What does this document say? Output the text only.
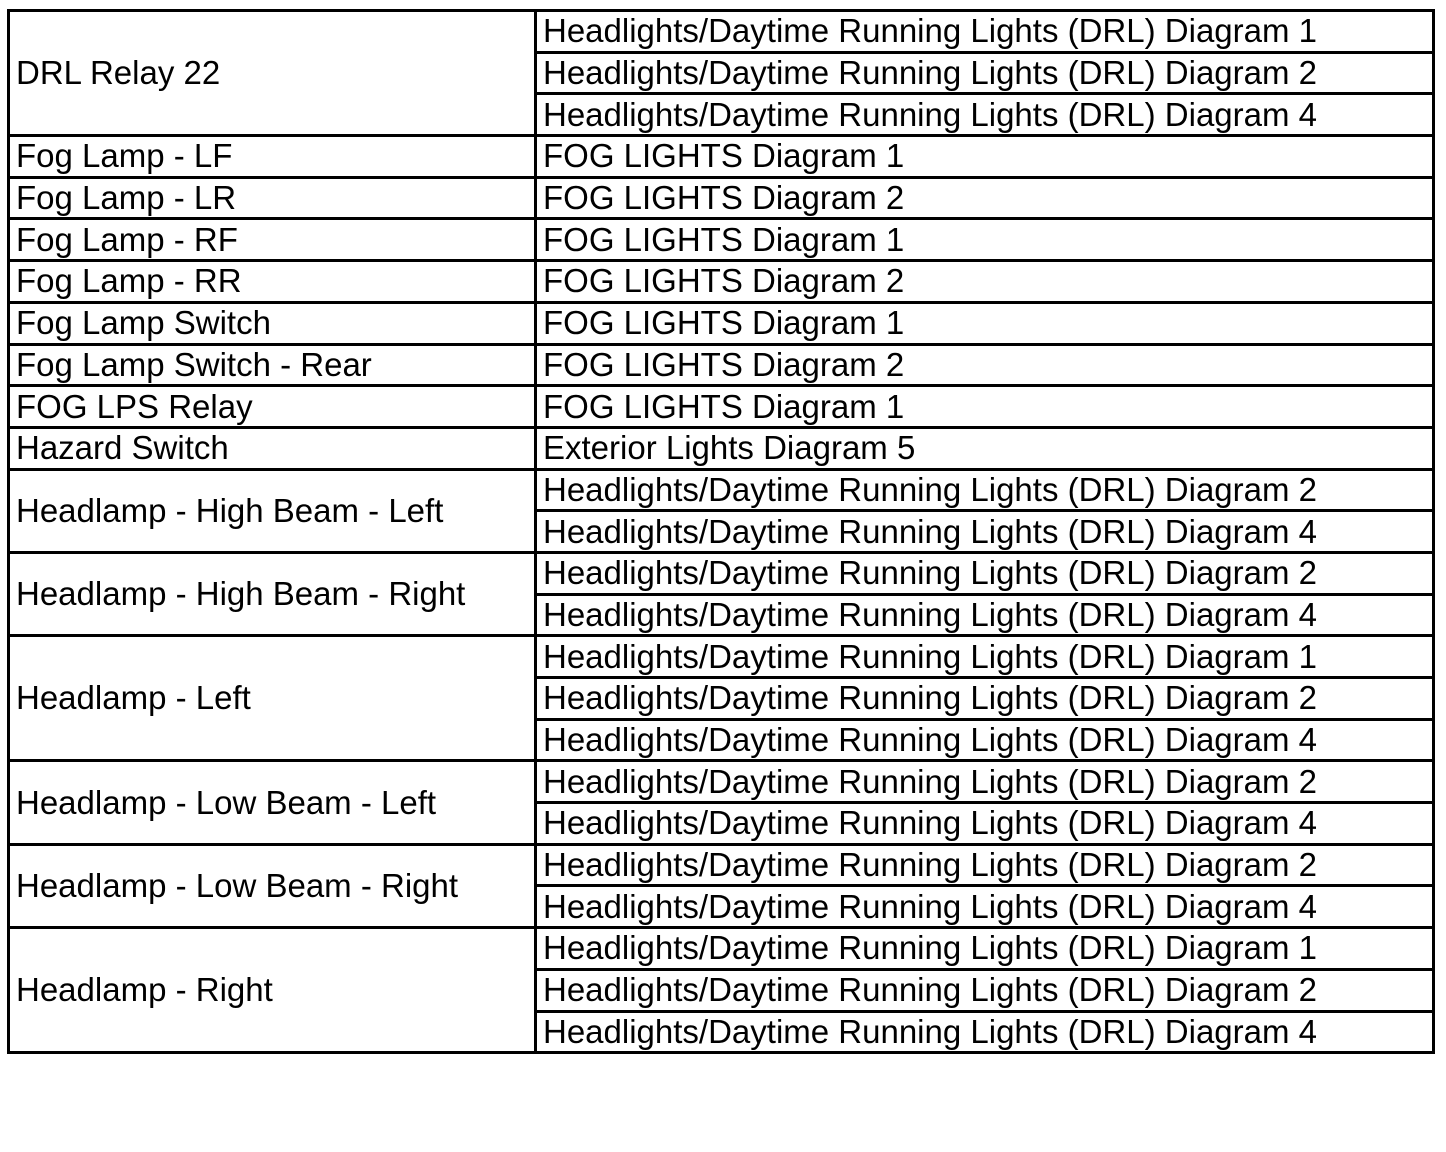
DRL Relay 22	Headlights/Daytime Running Lights (DRL) Diagram 1
	Headlights/Daytime Running Lights (DRL) Diagram 2
	Headlights/Daytime Running Lights (DRL) Diagram 4
Fog Lamp - LF	FOG LIGHTS Diagram 1
Fog Lamp - LR	FOG LIGHTS Diagram 2
Fog Lamp - RF	FOG LIGHTS Diagram 1
Fog Lamp - RR	FOG LIGHTS Diagram 2
Fog Lamp Switch	FOG LIGHTS Diagram 1
Fog Lamp Switch - Rear	FOG LIGHTS Diagram 2
FOG LPS Relay	FOG LIGHTS Diagram 1
Hazard Switch	Exterior Lights Diagram 5
Headlamp - High Beam - Left	Headlights/Daytime Running Lights (DRL) Diagram 2
	Headlights/Daytime Running Lights (DRL) Diagram 4
Headlamp - High Beam - Right	Headlights/Daytime Running Lights (DRL) Diagram 2
	Headlights/Daytime Running Lights (DRL) Diagram 4
Headlamp - Left	Headlights/Daytime Running Lights (DRL) Diagram 1
	Headlights/Daytime Running Lights (DRL) Diagram 2
	Headlights/Daytime Running Lights (DRL) Diagram 4
Headlamp - Low Beam - Left	Headlights/Daytime Running Lights (DRL) Diagram 2
	Headlights/Daytime Running Lights (DRL) Diagram 4
Headlamp - Low Beam - Right	Headlights/Daytime Running Lights (DRL) Diagram 2
	Headlights/Daytime Running Lights (DRL) Diagram 4
Headlamp - Right	Headlights/Daytime Running Lights (DRL) Diagram 1
	Headlights/Daytime Running Lights (DRL) Diagram 2
	Headlights/Daytime Running Lights (DRL) Diagram 4
